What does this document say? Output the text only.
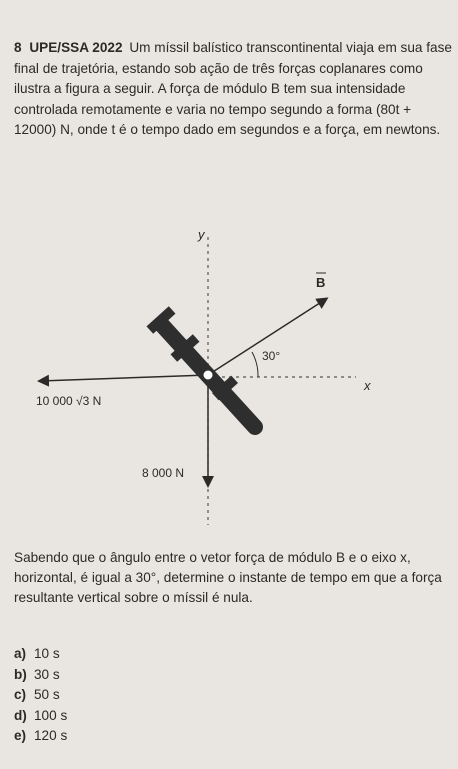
8 UPE/SSA 2022 Um míssil balístico transcontinental viaja em sua fase final de trajetória, estando sob ação de três forças coplanares como ilustra a figura a seguir. A força de módulo B tem sua intensidade controlada remotamente e varia no tempo segundo a forma (80t + 12000) N, onde t é o tempo dado em segundos e a força, em newtons.
y
x
10 000 √3 N
B
30°
8 000 N
Sabendo que o ângulo entre o vetor força de módulo B e o eixo x, horizontal, é igual a 30°, determine o instante de tempo em que a força resultante vertical sobre o míssil é nula.
a) 10 s
b) 30 s
c) 50 s
d) 100 s
e) 120 s
